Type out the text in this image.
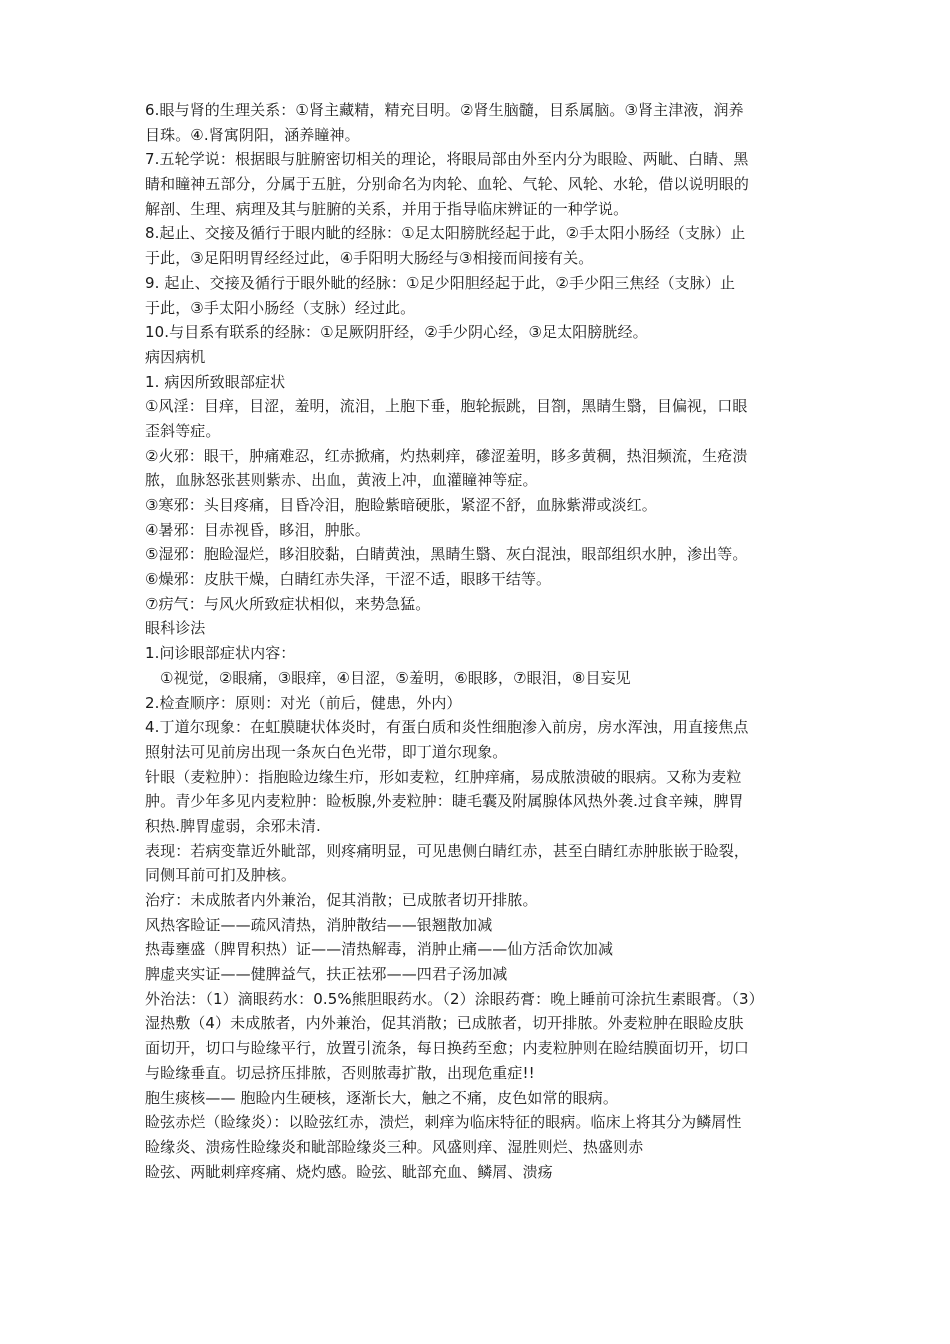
6.眼与肾的生理关系：①肾主藏精，精充目明。②肾生脑髓，目系属脑。③肾主津液，润养
目珠。④.肾寓阴阳，涵养瞳神。
7.五轮学说：根据眼与脏腑密切相关的理论，将眼局部由外至内分为眼睑、两眦、白睛、黑
睛和瞳神五部分，分属于五脏，分别命名为肉轮、血轮、气轮、风轮、水轮，借以说明眼的
解剖、生理、病理及其与脏腑的关系，并用于指导临床辨证的一种学说。
8.起止、交接及循行于眼内眦的经脉：①足太阳膀胱经起于此，②手太阳小肠经（支脉）止
于此，③足阳明胃经经过此，④手阳明大肠经与③相接而间接有关。
9. 起止、交接及循行于眼外眦的经脉：①足少阳胆经起于此，②手少阳三焦经（支脉）止
于此，③手太阳小肠经（支脉）经过此。
10.与目系有联系的经脉：①足厥阴肝经，②手少阴心经，③足太阳膀胱经。
病因病机
1. 病因所致眼部症状
①风淫：目痒，目涩，羞明，流泪，上胞下垂，胞轮振跳，目劄，黑睛生翳，目偏视，口眼
歪斜等症。
②火邪：眼干，肿痛难忍，红赤掀痛，灼热刺痒，磣涩羞明，眵多黄稠，热泪频流，生疮溃
脓，血脉怒张甚则紫赤、出血，黄液上冲，血灌瞳神等症。
③寒邪：头目疼痛，目昏冷泪，胞睑紫暗硬胀，紧涩不舒，血脉紫滞或淡红。
④暑邪：目赤视昏，眵泪，肿胀。
⑤湿邪：胞睑湿烂，眵泪胶黏，白睛黄浊，黑睛生翳、灰白混浊，眼部组织水肿，渗出等。
⑥燥邪：皮肤干燥，白睛红赤失泽，干涩不适，眼眵干结等。
⑦疠气：与风火所致症状相似，来势急猛。
眼科诊法
1.问诊眼部症状内容：
①视觉，②眼痛，③眼痒，④目涩，⑤羞明，⑥眼眵，⑦眼泪，⑧目妄见
2.检查顺序：原则：对光（前后，健患，外内）
4.丁道尔现象：在虹膜睫状体炎时，有蛋白质和炎性细胞渗入前房，房水浑浊，用直接焦点
照射法可见前房出现一条灰白色光带，即丁道尔现象。
针眼（麦粒肿）：指胞睑边缘生疖，形如麦粒，红肿痒痛，易成脓溃破的眼病。又称为麦粒
肿。青少年多见内麦粒肿：睑板腺,外麦粒肿：睫毛囊及附属腺体风热外袭.过食辛辣，脾胃
积热.脾胃虚弱，余邪未清.
表现：若病变靠近外眦部，则疼痛明显，可见患侧白睛红赤，甚至白睛红赤肿胀嵌于睑裂，
同侧耳前可扪及肿核。
治疗：未成脓者内外兼治，促其消散；已成脓者切开排脓。
风热客睑证——疏风清热，消肿散结——银翘散加减
热毒壅盛（脾胃积热）证——清热解毒，消肿止痛——仙方活命饮加减
脾虚夹实证——健脾益气，扶正祛邪——四君子汤加减
外治法：（1）滴眼药水：0.5%熊胆眼药水。（2）涂眼药膏：晚上睡前可涂抗生素眼膏。（3）
湿热敷（4）未成脓者，内外兼治，促其消散；已成脓者，切开排脓。外麦粒肿在眼睑皮肤
面切开，切口与睑缘平行，放置引流条，每日换药至愈；内麦粒肿则在睑结膜面切开，切口
与睑缘垂直。切忌挤压排脓，否则脓毒扩散，出现危重症!!
胞生痰核—— 胞睑内生硬核，逐渐长大，触之不痛，皮色如常的眼病。
睑弦赤烂（睑缘炎）：以睑弦红赤，溃烂，刺痒为临床特征的眼病。临床上将其分为鳞屑性
睑缘炎、溃疡性睑缘炎和眦部睑缘炎三种。风盛则痒、湿胜则烂、热盛则赤
睑弦、两眦刺痒疼痛、烧灼感。睑弦、眦部充血、鳞屑、溃疡
